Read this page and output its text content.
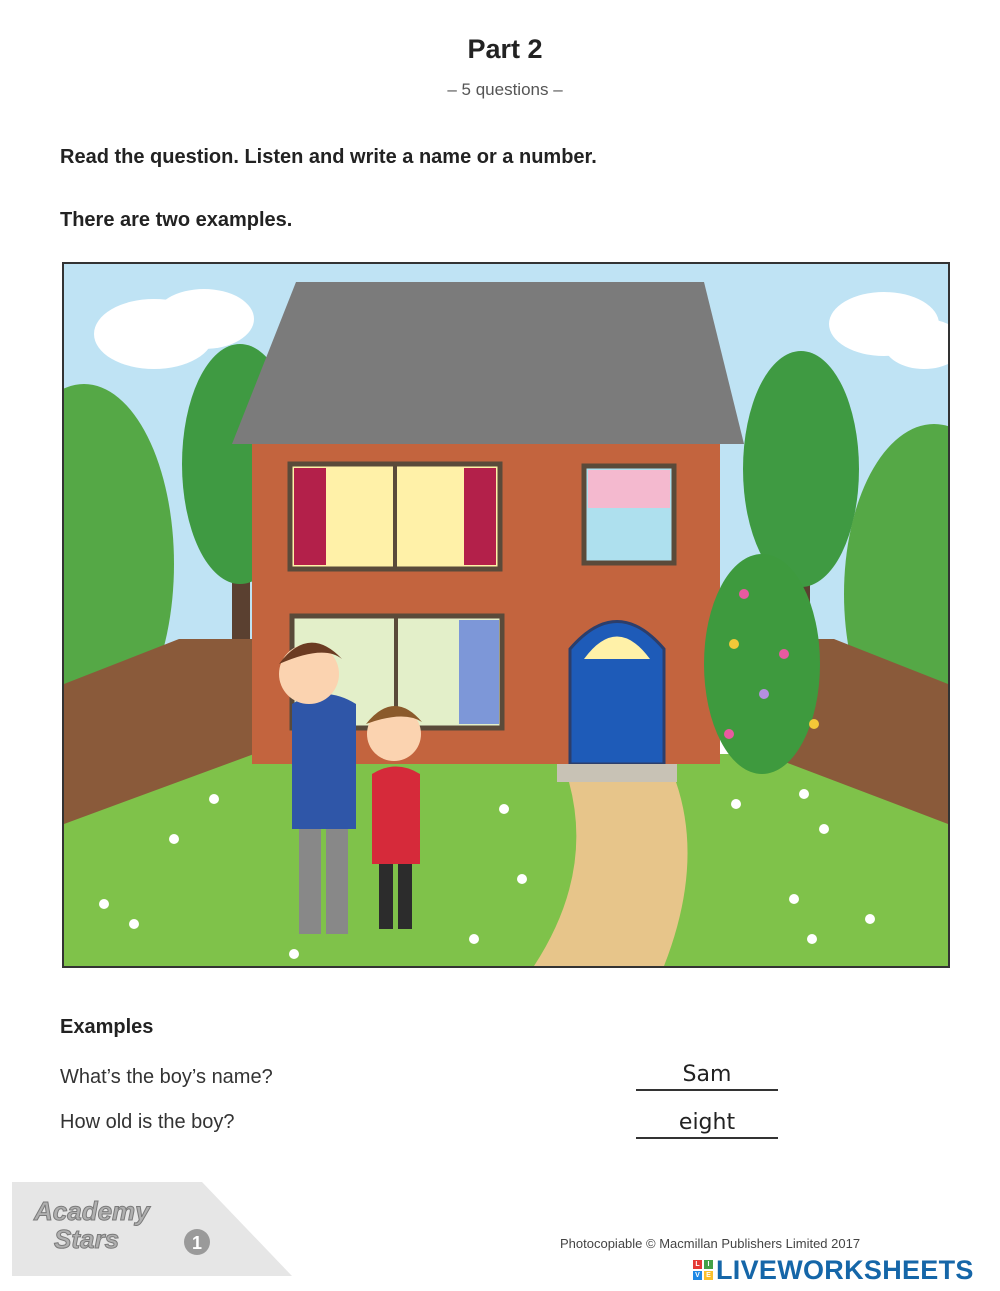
Part 2
– 5 questions –
Read the question. Listen and write a name or a number.
There are two examples.
Examples
What’s the boy’s name?	Sam
How old is the boy?	eight
Academy
Stars	1	Photocopiable © Macmillan Publishers Limited 2017
L	I
V E LIVEWORKSHEETS
